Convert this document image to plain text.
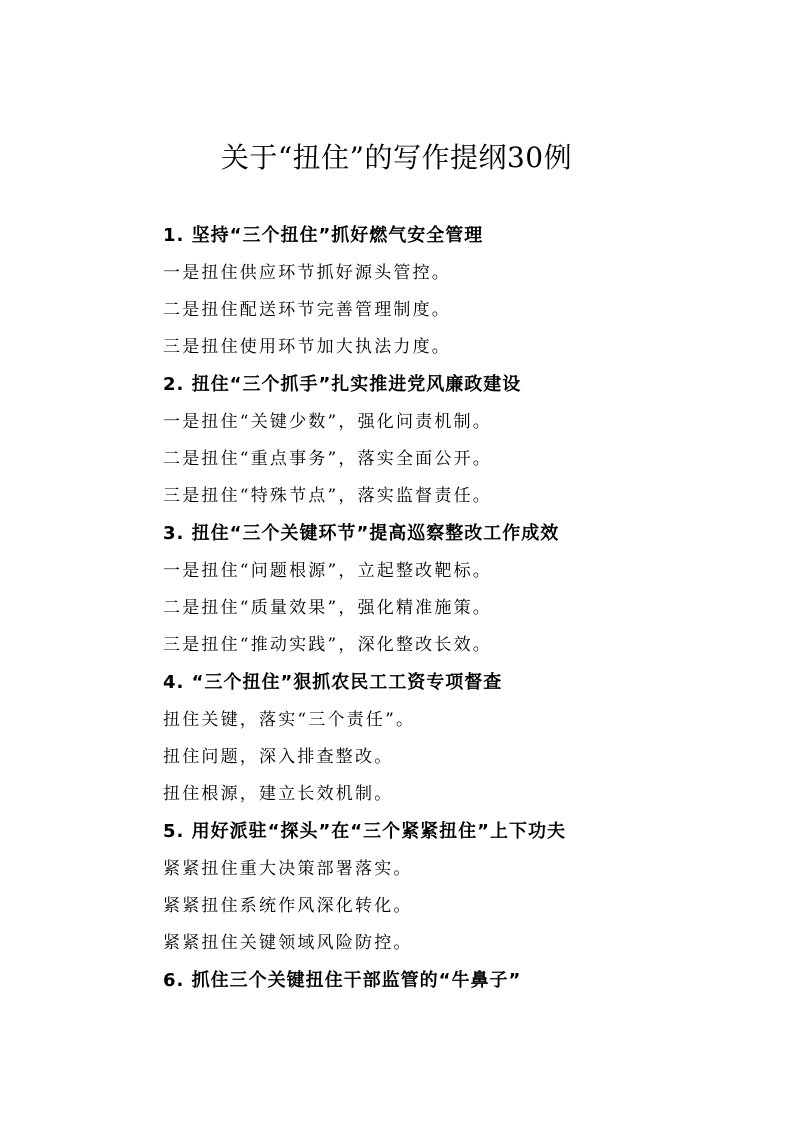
关于“扭住”的写作提纲30例
1. 坚持“三个扭住”抓好燃气安全管理
一是扭住供应环节抓好源头管控。
二是扭住配送环节完善管理制度。
三是扭住使用环节加大执法力度。
2. 扭住“三个抓手”扎实推进党风廉政建设
一是扭住“关键少数”，强化问责机制。
二是扭住“重点事务”，落实全面公开。
三是扭住“特殊节点”，落实监督责任。
3. 扭住“三个关键环节”提高巡察整改工作成效
一是扭住“问题根源”，立起整改靶标。
二是扭住“质量效果”，强化精准施策。
三是扭住“推动实践”，深化整改长效。
4. “三个扭住”狠抓农民工工资专项督查
扭住关键，落实“三个责任”。
扭住问题，深入排查整改。
扭住根源，建立长效机制。
5. 用好派驻“探头”在“三个紧紧扭住”上下功夫
紧紧扭住重大决策部署落实。
紧紧扭住系统作风深化转化。
紧紧扭住关键领域风险防控。
6. 抓住三个关键扭住干部监管的“牛鼻子”
